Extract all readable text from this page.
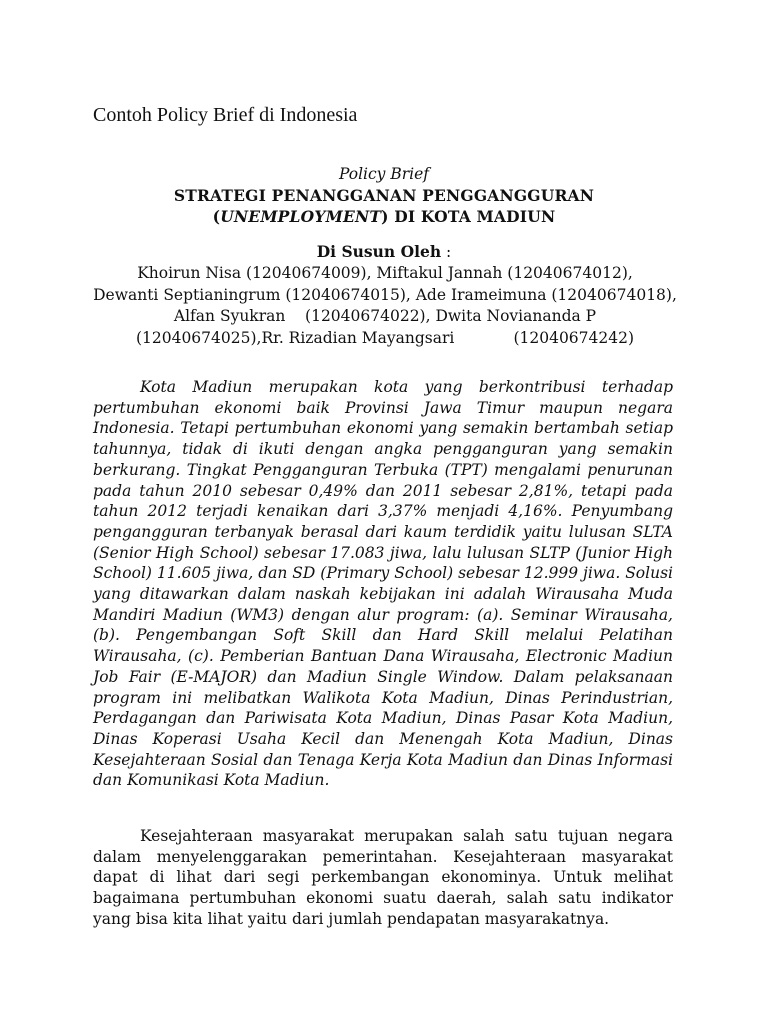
Contoh Policy Brief di Indonesia
Policy Brief
STRATEGI PENANGGANAN PENGGANGGURAN
(UNEMPLOYMENT) DI KOTA MADIUN
Di Susun Oleh :
Khoirun Nisa (12040674009), Miftakul Jannah (12040674012),
Dewanti Septianingrum (12040674015), Ade Irameimuna (12040674018),
Alfan Syukran    (12040674022), Dwita Novianandа P
(12040674025),Rr. Rizadian Mayangsari            (12040674242)

Kota Madiun merupakan kota yang berkontribusi terhadap pertumbuhan ekonomi baik Provinsi Jawa Timur maupun negara Indonesia. Tetapi pertumbuhan ekonomi yang semakin bertambah setiap tahunnya, tidak di ikuti dengan angka pengganguran yang semakin berkurang. Tingkat Pengganguran Terbuka (TPT) mengalami penurunan pada tahun 2010 sebesar 0,49% dan 2011 sebesar 2,81%, tetapi pada tahun 2012 terjadi kenaikan dari 3,37% menjadi 4,16%. Penyumbang pengangguran terbanyak berasal dari kaum terdidik yaitu lulusan SLTA (Senior High School) sebesar 17.083 jiwa, lalu lulusan SLTP (Junior High School) 11.605 jiwa, dan SD (Primary School) sebesar 12.999 jiwa. Solusi yang ditawarkan dalam naskah kebijakan ini adalah Wirausaha Muda Mandiri Madiun (WM3) dengan alur program: (a). Seminar Wirausaha, (b). Pengembangan Soft Skill dan Hard Skill melalui Pelatihan Wirausaha, (c). Pemberian Bantuan Dana Wirausaha, Electronic Madiun Job Fair (E-MAJOR) dan Madiun Single Window. Dalam pelaksanaan program ini melibatkan Walikota Kota Madiun, Dinas Perindustrian, Perdagangan dan Pariwisata Kota Madiun, Dinas Pasar Kota Madiun, Dinas Koperasi Usaha Kecil dan Menengah Kota Madiun, Dinas Kesejahteraan Sosial dan Tenaga Kerja Kota Madiun dan Dinas Informasi dan Komunikasi Kota Madiun.

Kesejahteraan masyarakat merupakan salah satu tujuan negara dalam menyelenggarakan pemerintahan. Kesejahteraan masyarakat dapat di lihat dari segi perkembangan ekonominya. Untuk melihat bagaimana pertumbuhan ekonomi suatu daerah, salah satu indikator yang bisa kita lihat yaitu dari jumlah pendapatan masyarakatnya.
